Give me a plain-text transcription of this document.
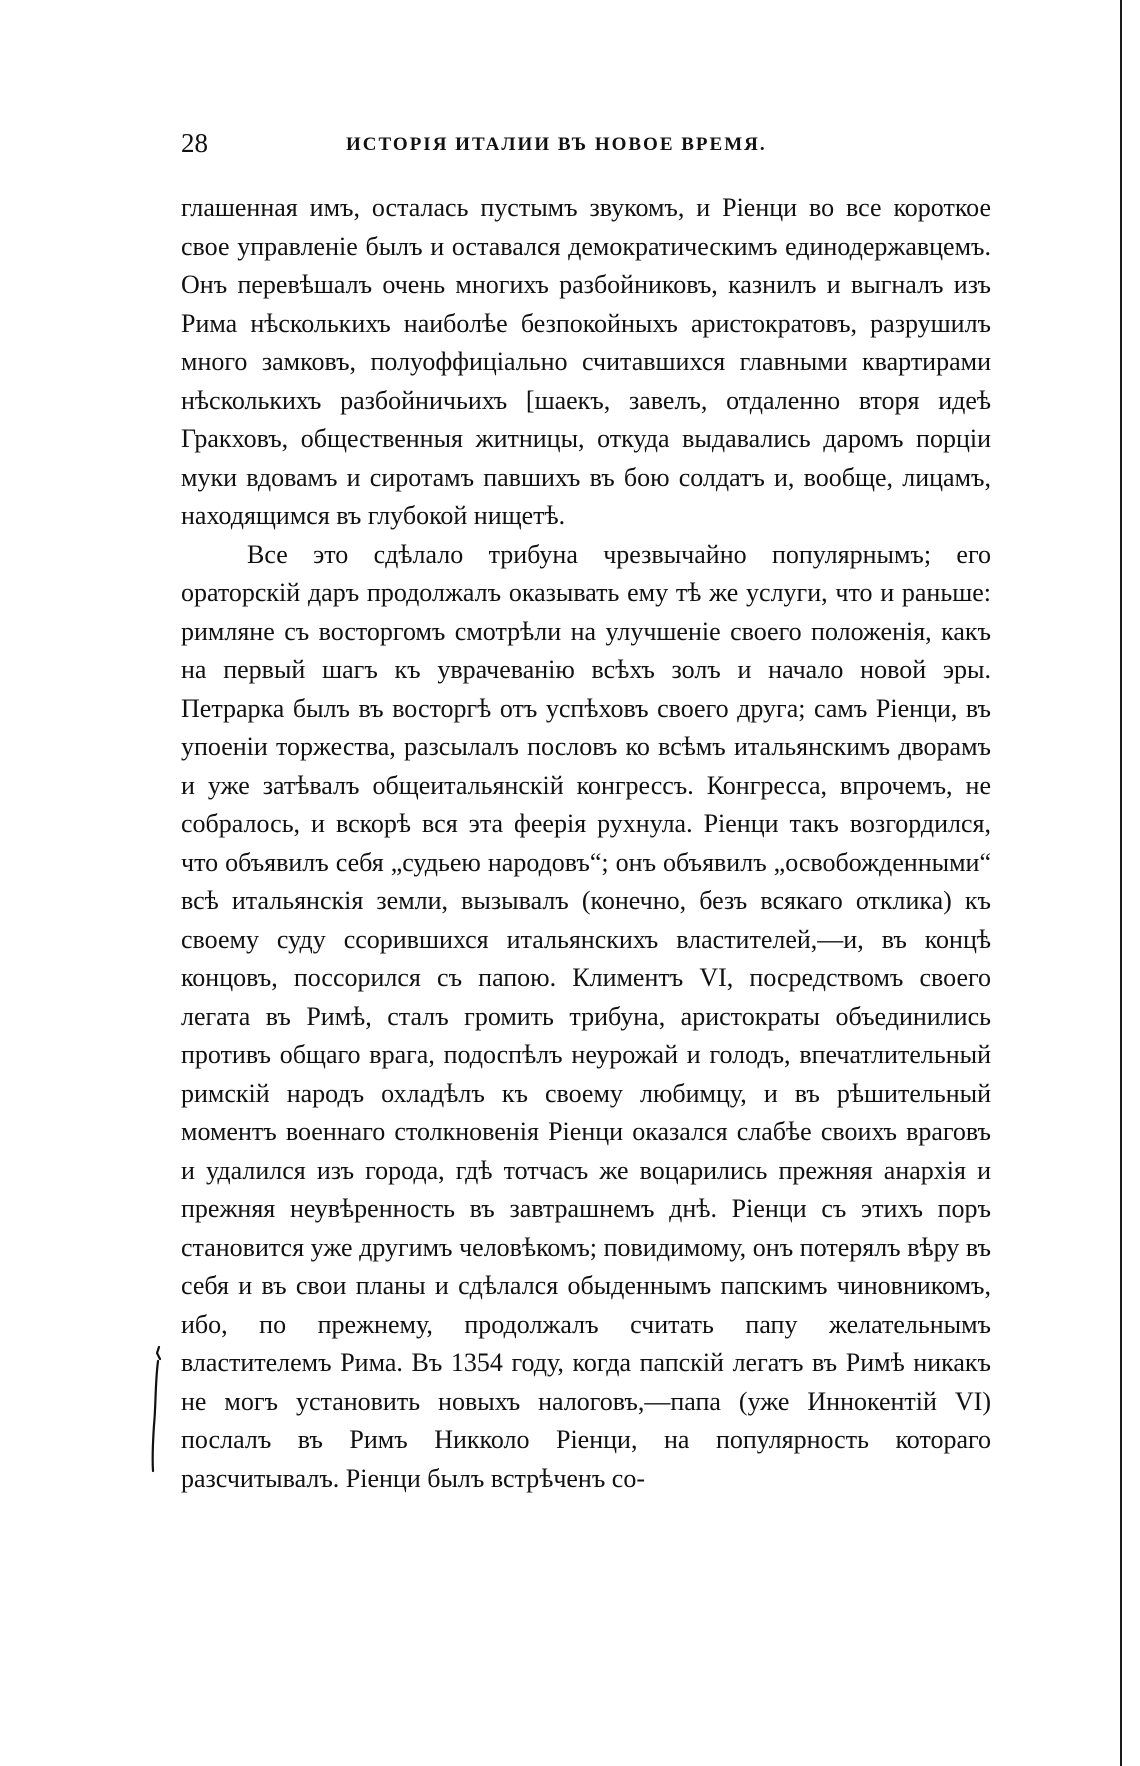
28	ИСТОРІЯ ИТАЛИИ ВЪ НОВОЕ ВРЕМЯ.

глашенная имъ, осталась пустымъ звукомъ, и Ріенци во все короткое свое управленіе былъ и оставался демократическимъ единодержавцемъ. Онъ перевѣшалъ очень многихъ разбойниковъ, казнилъ и выгналъ изъ Рима нѣсколькихъ наиболѣе безпокойныхъ аристократовъ, разрушилъ много замковъ, полуоффиціально считавшихся главными квартирами нѣсколькихъ разбойничьихъ [шаекъ, завелъ, отдаленно вторя идеѣ Гракховъ, общественныя житницы, откуда выдавались даромъ порціи муки вдовамъ и сиротамъ павшихъ въ бою солдатъ и, вообще, лицамъ, находящимся въ глубокой нищетѣ.

Все это сдѣлало трибуна чрезвычайно популярнымъ; его ораторскій даръ продолжалъ оказывать ему тѣ же услуги, что и раньше: римляне съ восторгомъ смотрѣли на улучшеніе своего положенія, какъ на первый шагъ къ уврачеванію всѣхъ золъ и начало новой эры. Петрарка былъ въ восторгѣ отъ успѣховъ своего друга; самъ Ріенци, въ упоеніи торжества, разсылалъ пословъ ко всѣмъ итальянскимъ дворамъ и уже затѣвалъ общеитальянскій конгрессъ. Конгресса, впрочемъ, не собралось, и вскорѣ вся эта феерія рухнула. Ріенци такъ возгордился, что объявилъ себя „судьею народовъ“; онъ объявилъ „освобожденными“ всѣ итальянскія земли, вызывалъ (конечно, безъ всякаго отклика) къ своему суду ссорившихся итальянскихъ властителей,—и, въ концѣ концовъ, поссорился съ папою. Климентъ VI, посредствомъ своего легата въ Римѣ, сталъ громить трибуна, аристократы объединились противъ общаго врага, подоспѣлъ неурожай и голодъ, впечатлительный римскій народъ охладѣлъ къ своему любимцу, и въ рѣшительный моментъ военнаго столкновенія Ріенци оказался слабѣе своихъ враговъ и удалился изъ города, гдѣ тотчасъ же воцарились прежняя анархія и прежняя неувѣренность въ завтрашнемъ днѣ. Ріенци съ этихъ поръ становится уже другимъ человѣкомъ; повидимому, онъ потерялъ вѣру въ себя и въ свои планы и сдѣлался обыденнымъ папскимъ чиновникомъ, ибо, по прежнему, продолжалъ считать папу желательнымъ властителемъ Рима. Въ 1354 году, когда папскій легатъ въ Римѣ никакъ не могъ установить новыхъ налоговъ,—папа (уже Иннокентій VI) послалъ въ Римъ Никколо Ріенци, на популярность котораго разсчитывалъ. Ріенци былъ встрѣченъ со-
